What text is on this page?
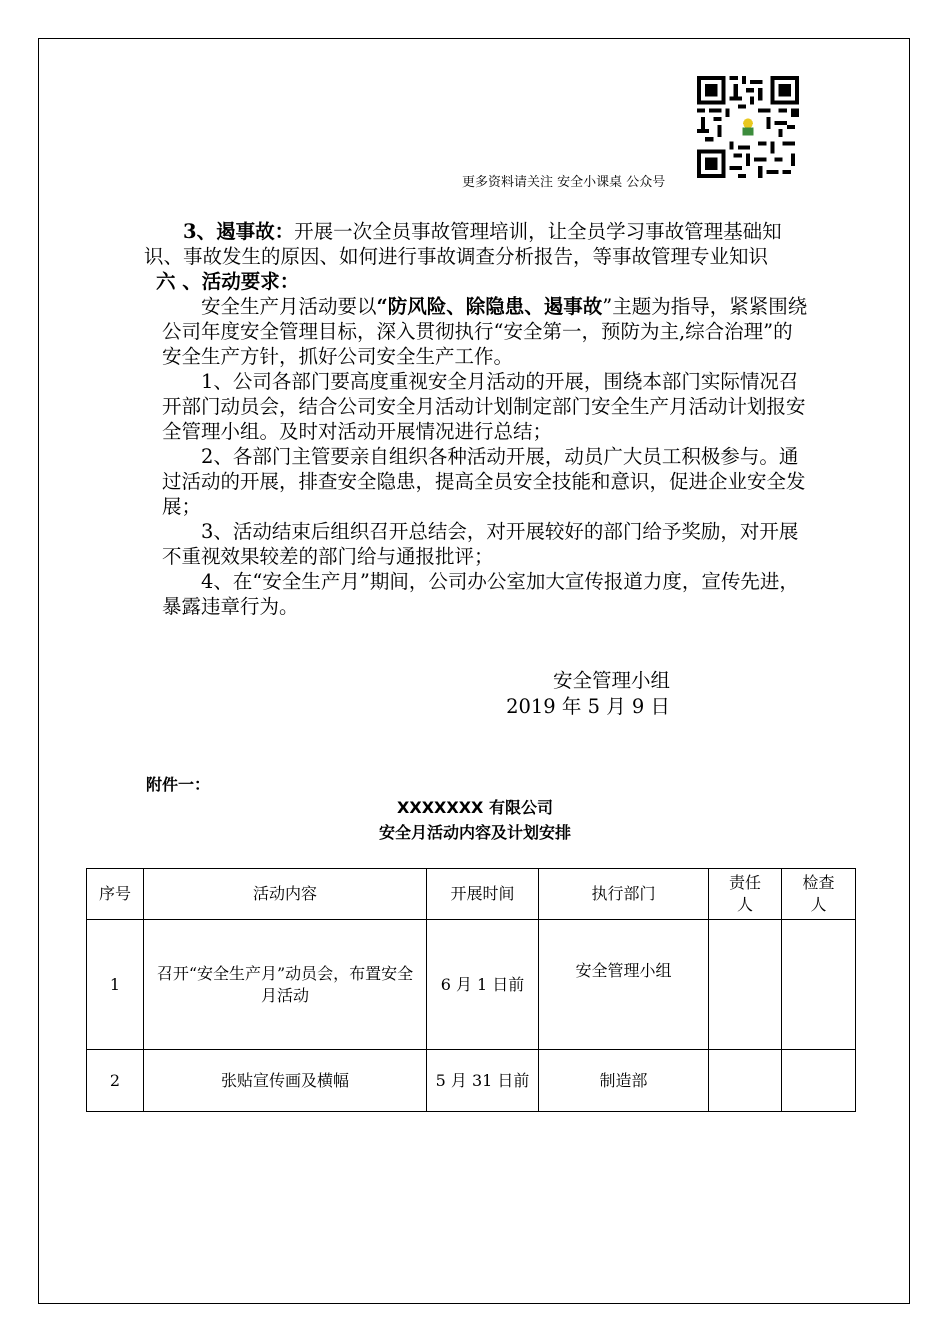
更多资料请关注 安全小课桌 公众号

3、遏事故：开展一次全员事故管理培训，让全员学习事故管理基础知识、事故发生的原因、如何进行事故调查分析报告，等事故管理专业知识

六 、活动要求：

安全生产月活动要以“防风险、除隐患、遏事故”主题为指导，紧紧围绕公司年度安全管理目标，深入贯彻执行“安全第一，预防为主,综合治理”的安全生产方针，抓好公司安全生产工作。

1、公司各部门要高度重视安全月活动的开展，围绕本部门实际情况召开部门动员会，结合公司安全月活动计划制定部门安全生产月活动计划报安全管理小组。及时对活动开展情况进行总结；

2、各部门主管要亲自组织各种活动开展，动员广大员工积极参与。通过活动的开展，排查安全隐患，提高全员安全技能和意识，促进企业安全发展；

3、活动结束后组织召开总结会，对开展较好的部门给予奖励，对开展不重视效果较差的部门给与通报批评；

4、在“安全生产月”期间，公司办公室加大宣传报道力度，宣传先进，暴露违章行为。

安全管理小组
2019 年 5 月 9 日
附件一：
XXXXXXX 有限公司
安全月活动内容及计划安排
序号	活动内容	开展时间	执行部门	责任人	检查人
1	召开“安全生产月”动员会，布置安全月活动	6 月 1 日前	安全管理小组		
2	张贴宣传画及横幅	5 月 31 日前	制造部		
